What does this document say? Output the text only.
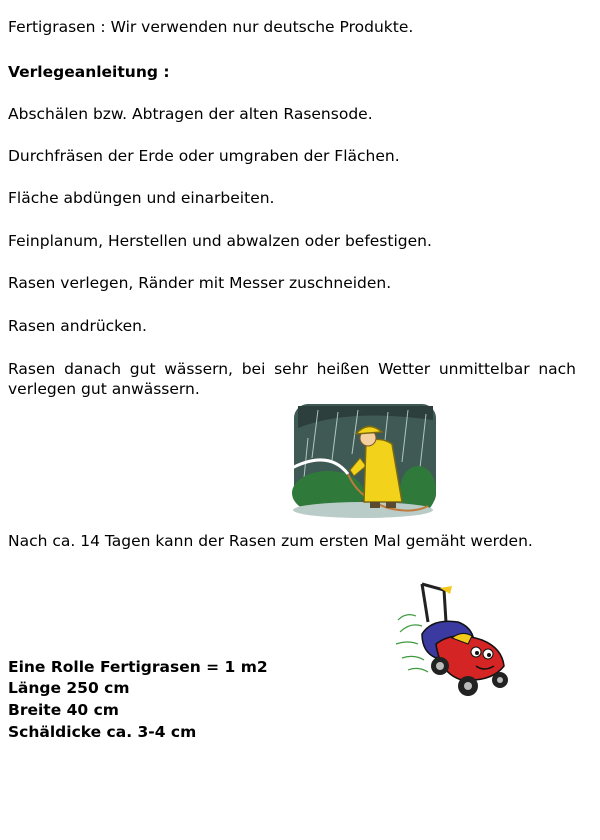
Fertigrasen : Wir verwenden nur deutsche Produkte.

Verlegeanleitung :

Abschälen bzw. Abtragen der alten Rasensode.

Durchfräsen der Erde oder umgraben der Flächen.

Fläche abdüngen und einarbeiten.

Feinplanum, Herstellen und abwalzen oder befestigen.

Rasen verlegen, Ränder mit Messer zuschneiden.

Rasen andrücken.

Rasen danach gut wässern, bei sehr heißen Wetter unmittelbar nach verlegen gut anwässern.

Nach ca. 14 Tagen kann der Rasen zum ersten Mal gemäht werden.

Eine Rolle Fertigrasen = 1 m2

Länge 250 cm

Breite 40 cm

Schäldicke ca. 3-4 cm
